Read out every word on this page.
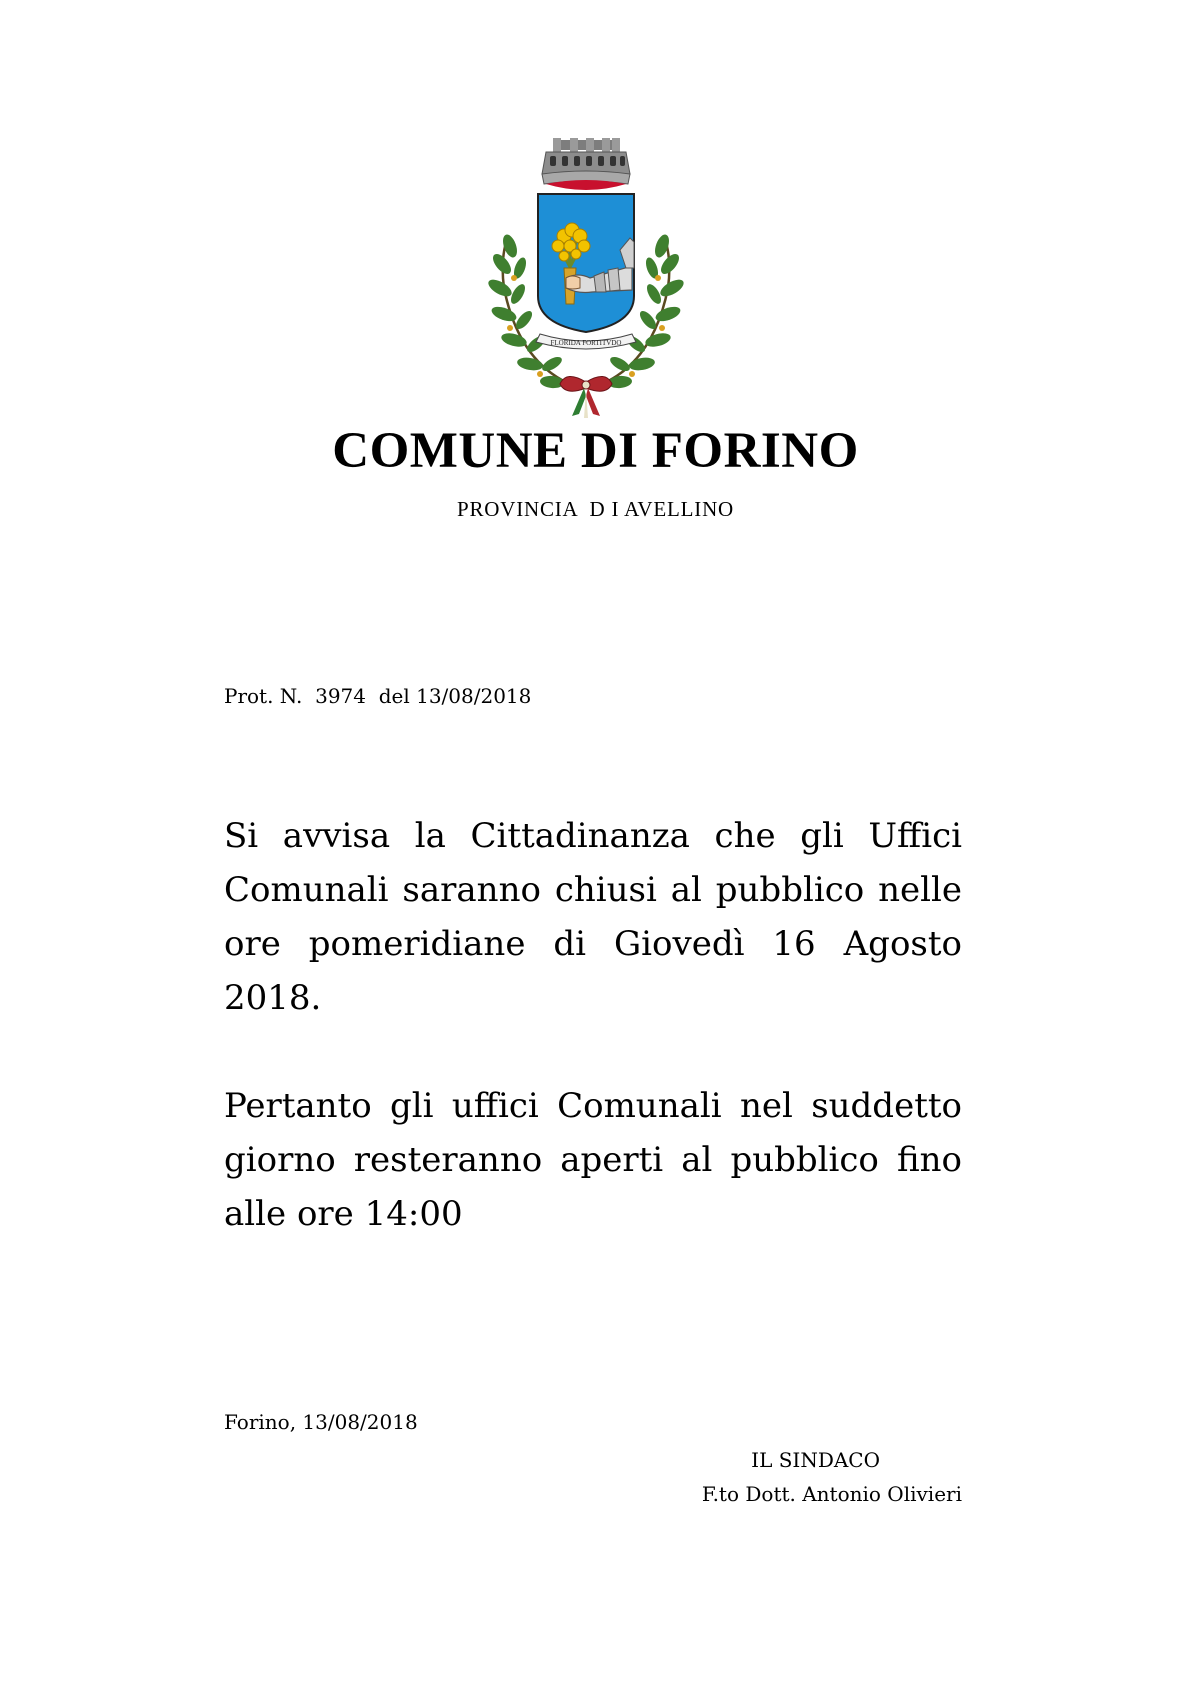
FLORIDA FORTITVDO
COMUNE DI FORINO
PROVINCIA  D I AVELLINO
Prot. N.  3974  del 13/08/2018
Si avvisa la Cittadinanza che gli Uffici Comunali saranno chiusi al pubblico nelle ore pomeridiane di Giovedì 16 Agosto 2018.
Pertanto gli uffici Comunali nel suddetto giorno resteranno aperti al pubblico fino alle ore 14:00
Forino, 13/08/2018
IL SINDACO
F.to Dott. Antonio Olivieri
